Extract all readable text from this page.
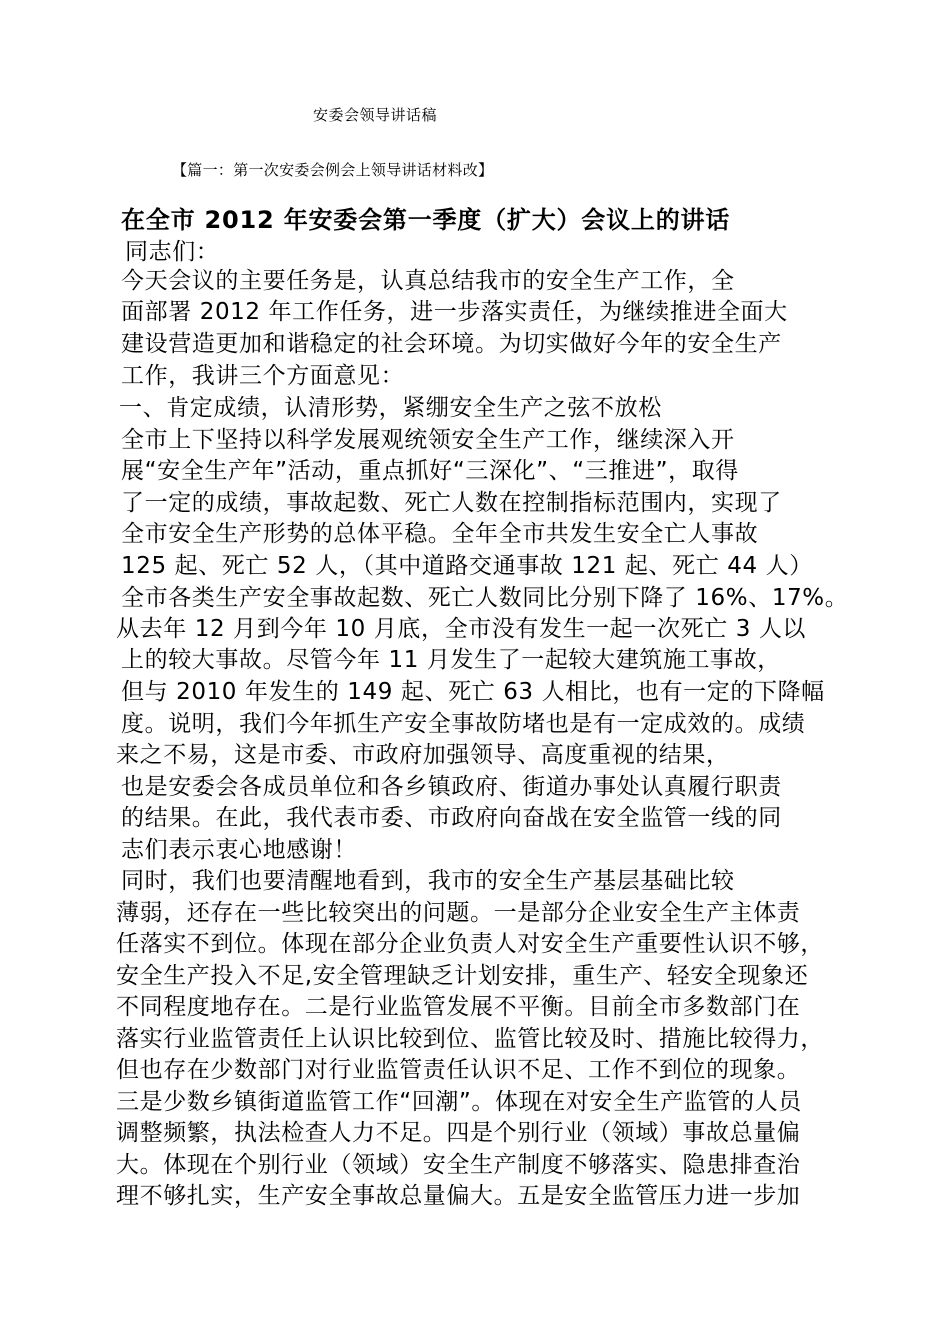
安委会领导讲话稿
【篇一：第一次安委会例会上领导讲话材料改】
在全市 2012 年安委会第一季度（扩大）会议上的讲话
同志们：
今天会议的主要任务是，认真总结我市的安全生产工作，全
面部署 2012 年工作任务，进一步落实责任，为继续推进全面大
建设营造更加和谐稳定的社会环境。为切实做好今年的安全生产
工作，我讲三个方面意见：
一、肯定成绩，认清形势，紧绷安全生产之弦不放松
全市上下坚持以科学发展观统领安全生产工作，继续深入开
展“安全生产年”活动，重点抓好“三深化”、“三推进”，取得
了一定的成绩，事故起数、死亡人数在控制指标范围内，实现了
全市安全生产形势的总体平稳。全年全市共发生安全亡人事故
125 起、死亡 52 人，（其中道路交通事故 121 起、死亡 44 人）
全市各类生产安全事故起数、死亡人数同比分别下降了 16%、17%。
从去年 12 月到今年 10 月底，全市没有发生一起一次死亡 3 人以
上的较大事故。尽管今年 11 月发生了一起较大建筑施工事故，
但与 2010 年发生的 149 起、死亡 63 人相比，也有一定的下降幅
度。说明，我们今年抓生产安全事故防堵也是有一定成效的。成绩
来之不易，这是市委、市政府加强领导、高度重视的结果，
也是安委会各成员单位和各乡镇政府、街道办事处认真履行职责
的结果。在此，我代表市委、市政府向奋战在安全监管一线的同
志们表示衷心地感谢！
同时，我们也要清醒地看到，我市的安全生产基层基础比较
薄弱，还存在一些比较突出的问题。一是部分企业安全生产主体责
任落实不到位。体现在部分企业负责人对安全生产重要性认识不够，
安全生产投入不足,安全管理缺乏计划安排，重生产、轻安全现象还
不同程度地存在。二是行业监管发展不平衡。目前全市多数部门在
落实行业监管责任上认识比较到位、监管比较及时、措施比较得力，
但也存在少数部门对行业监管责任认识不足、工作不到位的现象。
三是少数乡镇街道监管工作“回潮”。体现在对安全生产监管的人员
调整频繁，执法检查人力不足。四是个别行业（领域）事故总量偏
大。体现在个别行业（领域）安全生产制度不够落实、隐患排查治
理不够扎实，生产安全事故总量偏大。五是安全监管压力进一步加
